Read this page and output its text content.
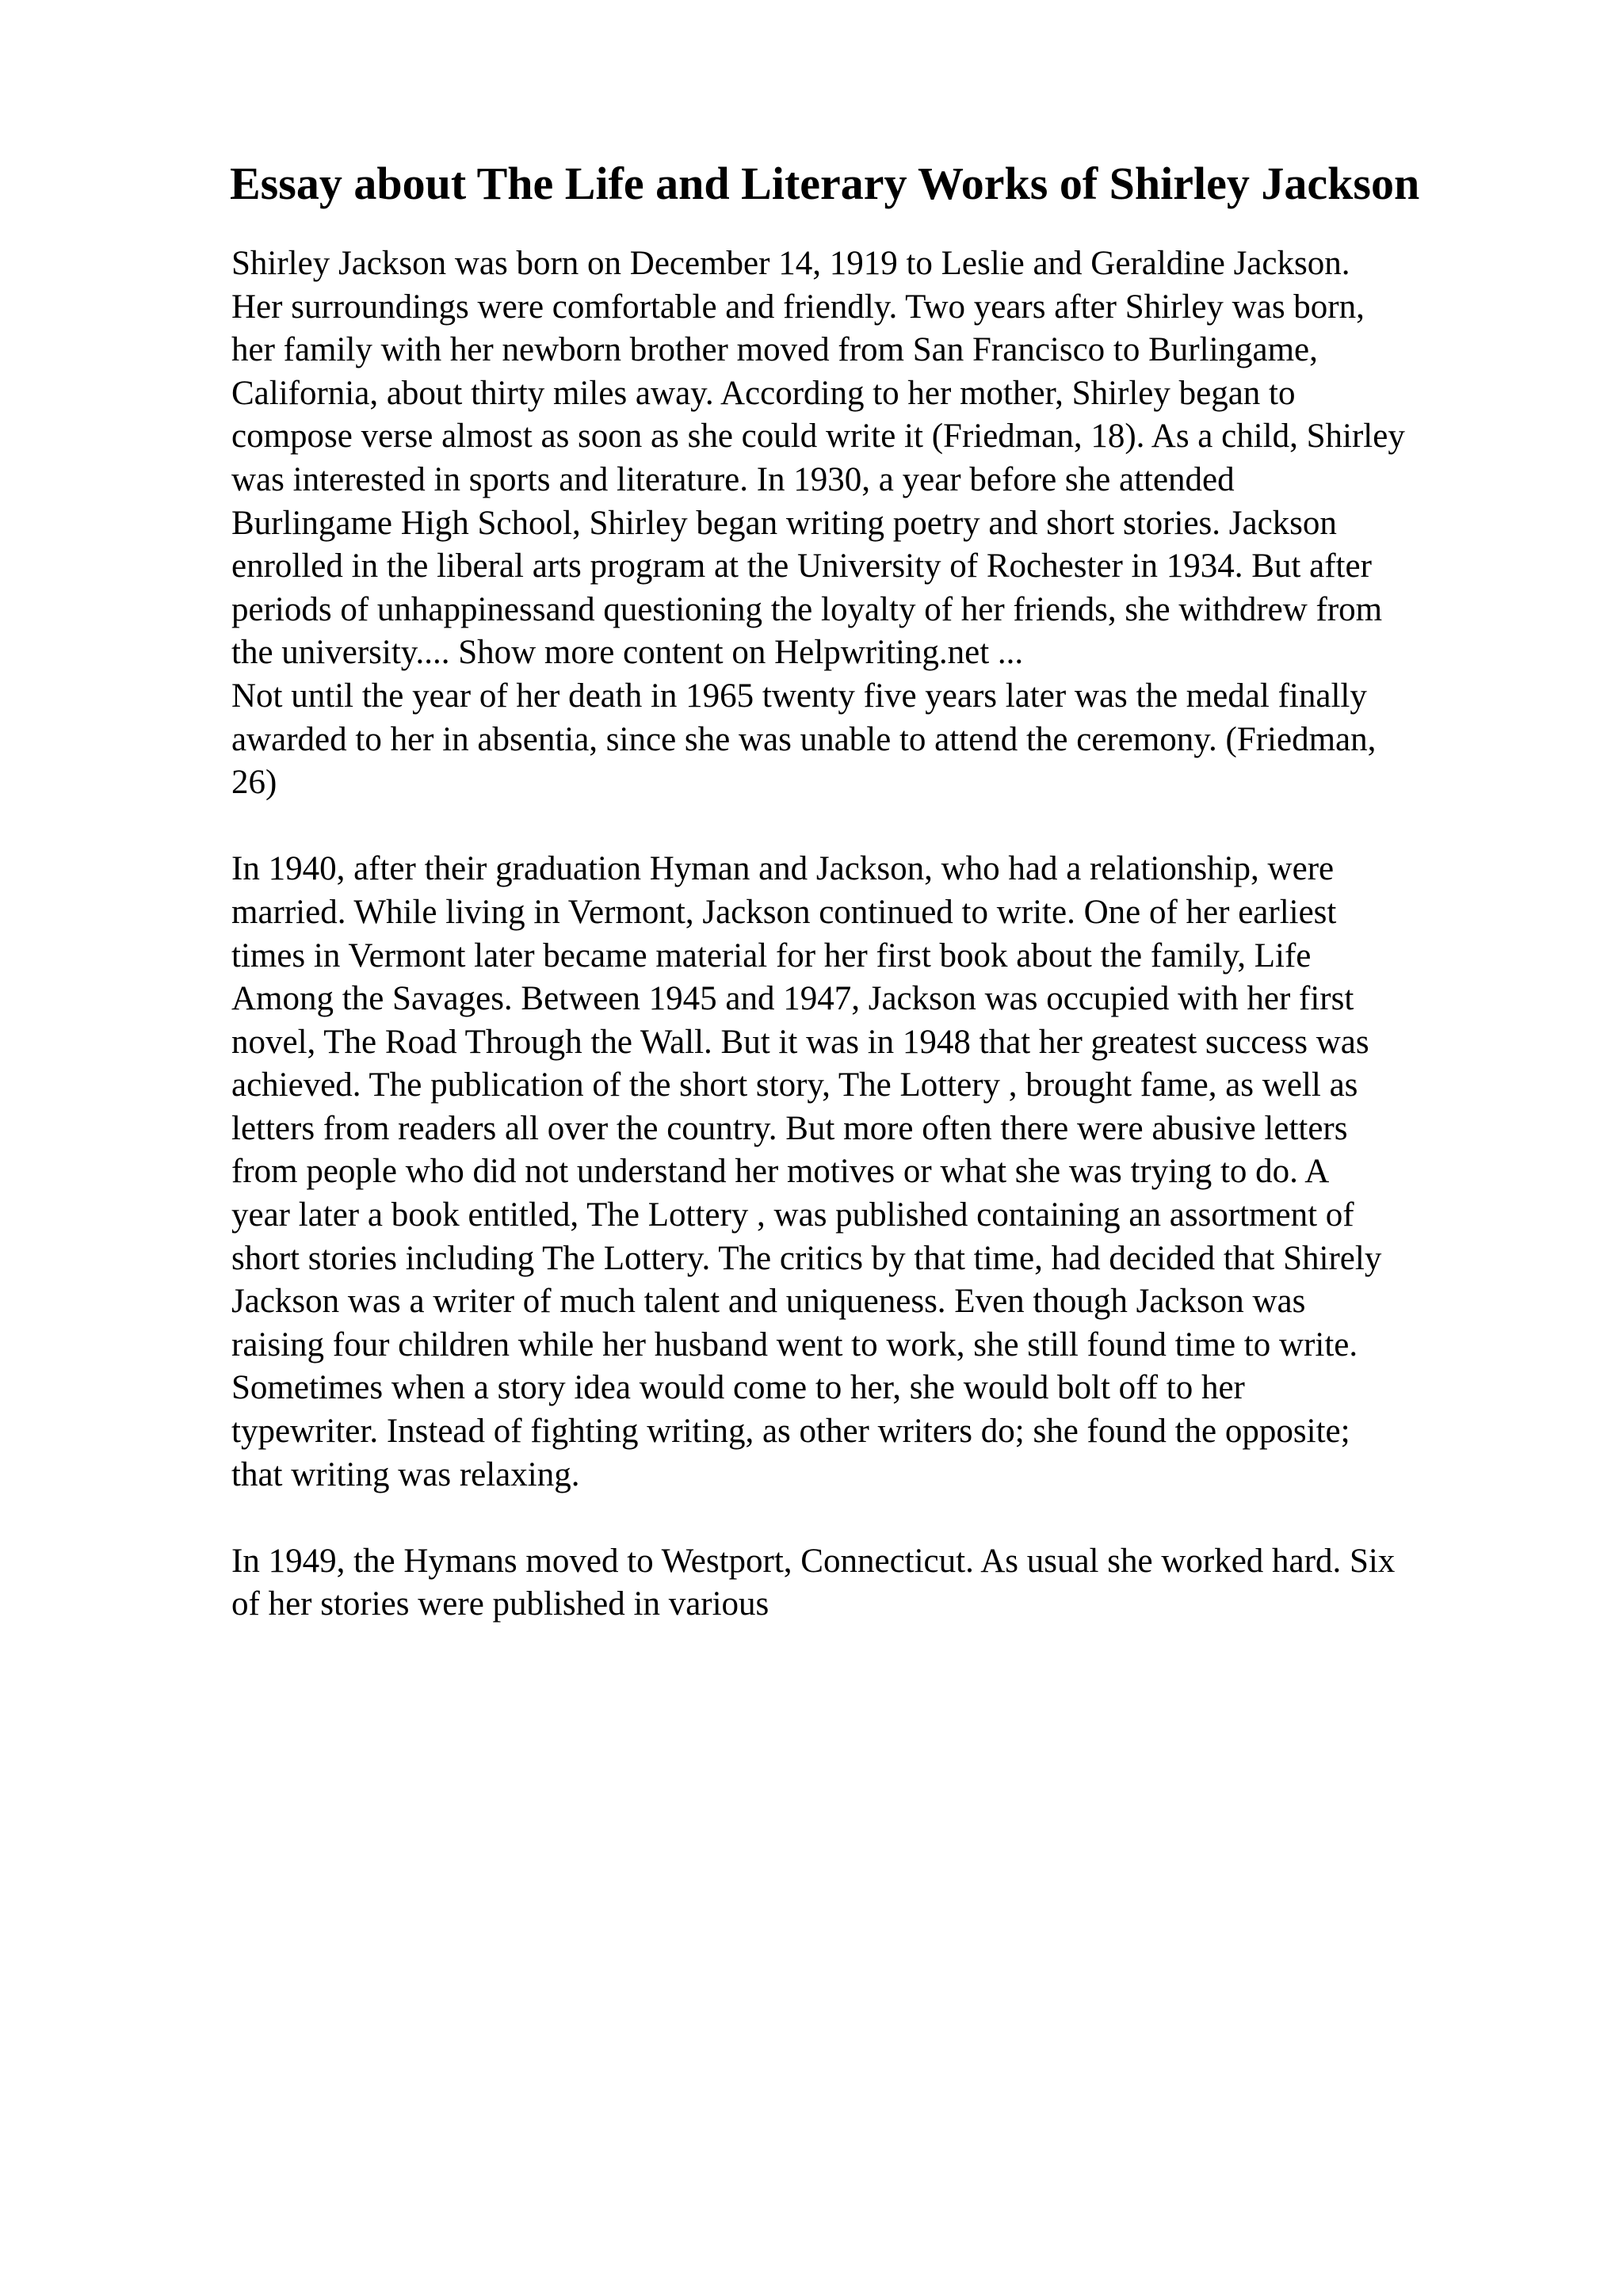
Essay about The Life and Literary Works of Shirley Jackson
Shirley Jackson was born on December 14, 1919 to Leslie and Geraldine Jackson.
Her surroundings were comfortable and friendly. Two years after Shirley was born,
her family with her newborn brother moved from San Francisco to Burlingame,
California, about thirty miles away. According to her mother, Shirley began to
compose verse almost as soon as she could write it (Friedman, 18). As a child, Shirley
was interested in sports and literature. In 1930, a year before she attended
Burlingame High School, Shirley began writing poetry and short stories. Jackson
enrolled in the liberal arts program at the University of Rochester in 1934. But after
periods of unhappinessand questioning the loyalty of her friends, she withdrew from
the university.... Show more content on Helpwriting.net ...
Not until the year of her death in 1965 twenty five years later was the medal finally
awarded to her in absentia, since she was unable to attend the ceremony. (Friedman,
26)
In 1940, after their graduation Hyman and Jackson, who had a relationship, were
married. While living in Vermont, Jackson continued to write. One of her earliest
times in Vermont later became material for her first book about the family, Life
Among the Savages. Between 1945 and 1947, Jackson was occupied with her first
novel, The Road Through the Wall. But it was in 1948 that her greatest success was
achieved. The publication of the short story, The Lottery , brought fame, as well as
letters from readers all over the country. But more often there were abusive letters
from people who did not understand her motives or what she was trying to do. A
year later a book entitled, The Lottery , was published containing an assortment of
short stories including The Lottery. The critics by that time, had decided that Shirely
Jackson was a writer of much talent and uniqueness. Even though Jackson was
raising four children while her husband went to work, she still found time to write.
Sometimes when a story idea would come to her, she would bolt off to her
typewriter. Instead of fighting writing, as other writers do; she found the opposite;
that writing was relaxing.
In 1949, the Hymans moved to Westport, Connecticut. As usual she worked hard. Six
of her stories were published in various
